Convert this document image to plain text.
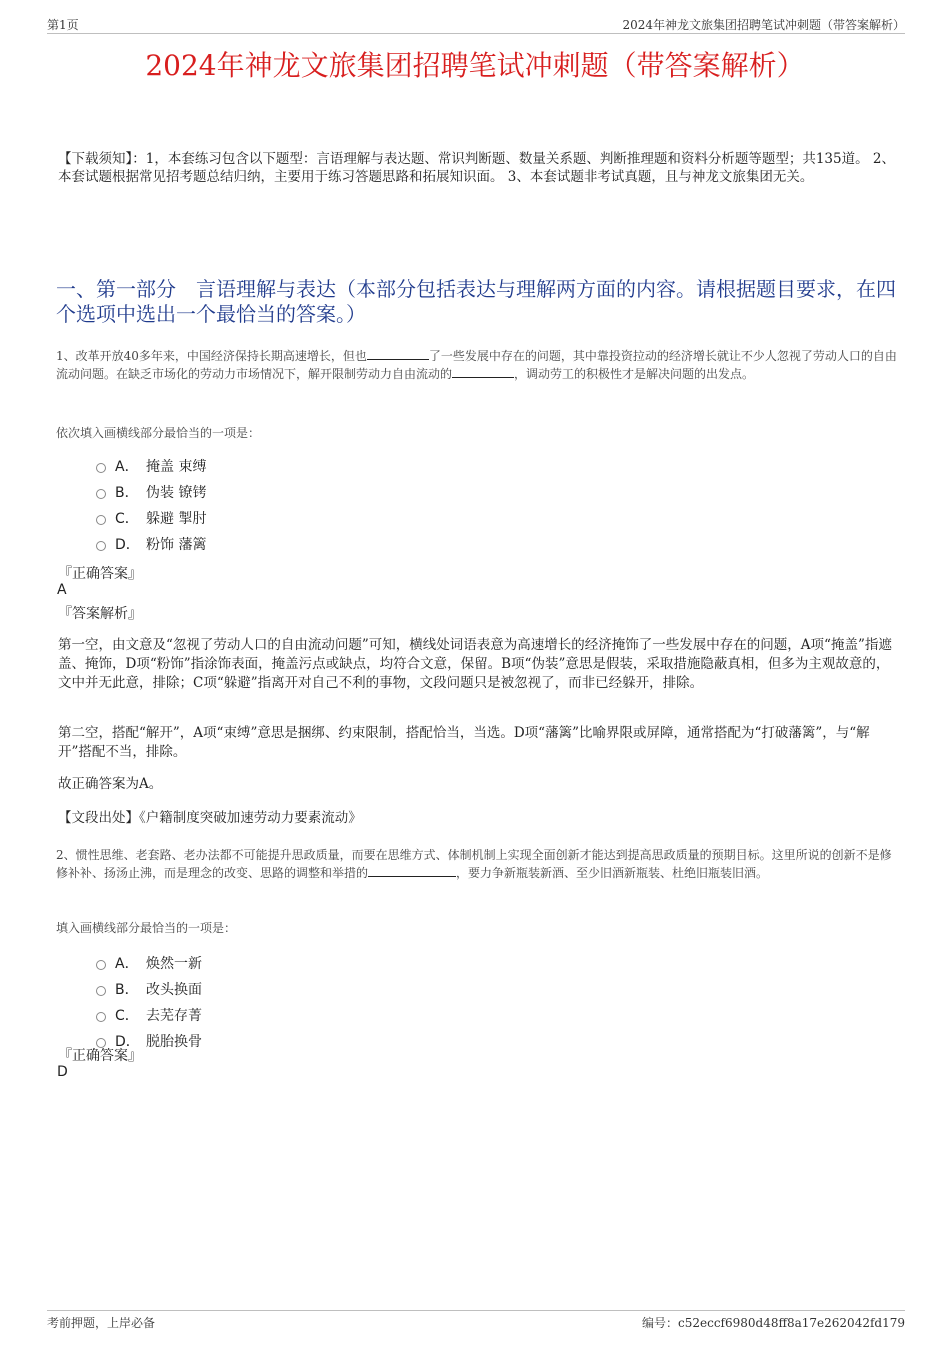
第1页	2024年神龙文旅集团招聘笔试冲刺题（带答案解析）
2024年神龙文旅集团招聘笔试冲刺题（带答案解析）
【下载须知】：1，本套练习包含以下题型：言语理解与表达题、常识判断题、数量关系题、判断推理题和资料分析题等题型；共135道。 2、本套试题根据常见招考题总结归纳，主要用于练习答题思路和拓展知识面。 3、本套试题非考试真题，且与神龙文旅集团无关。
一、第一部分　言语理解与表达（本部分包括表达与理解两方面的内容。请根据题目要求，在四个选项中选出一个最恰当的答案。）
1、改革开放40多年来，中国经济保持长期高速增长，但也	了一些发展中存在的问题，其中靠投资拉动的经济增长就让不少人忽视了劳动人口的自由流动问题。在缺乏市场化的劳动力市场情况下，解开限制劳动力自由流动的	，调动劳工的积极性才是解决问题的出发点。
依次填入画横线部分最恰当的一项是：
A． 掩盖 束缚
B． 伪装 镣铐
C． 躲避 掣肘
D． 粉饰 藩篱
『正确答案』
A
『答案解析』
第一空，由文意及“忽视了劳动人口的自由流动问题”可知，横线处词语表意为高速增长的经济掩饰了一些发展中存在的问题，A项“掩盖”指遮盖、掩饰，D项“粉饰”指涂饰表面，掩盖污点或缺点，均符合文意，保留。B项“伪装”意思是假装，采取措施隐蔽真相，但多为主观故意的，文中并无此意，排除；C项“躲避”指离开对自己不利的事物，文段问题只是被忽视了，而非已经躲开，排除。
第二空，搭配“解开”，A项“束缚”意思是捆绑、约束限制，搭配恰当，当选。D项“藩篱”比喻界限或屏障，通常搭配为“打破藩篱”，与“解开”搭配不当，排除。
故正确答案为A。
【文段出处】《户籍制度突破加速劳动力要素流动》
2、惯性思维、老套路、老办法都不可能提升思政质量，而要在思维方式、体制机制上实现全面创新才能达到提高思政质量的预期目标。这里所说的创新不是修修补补、扬汤止沸，而是理念的改变、思路的调整和举措的	，要力争新瓶装新酒、至少旧酒新瓶装、杜绝旧瓶装旧酒。
填入画横线部分最恰当的一项是：
A． 焕然一新
B． 改头换面
C． 去芜存菁
D． 脱胎换骨
『正确答案』
D
考前押题，上岸必备	编号：c52eccf6980d48ff8a17e262042fd179
